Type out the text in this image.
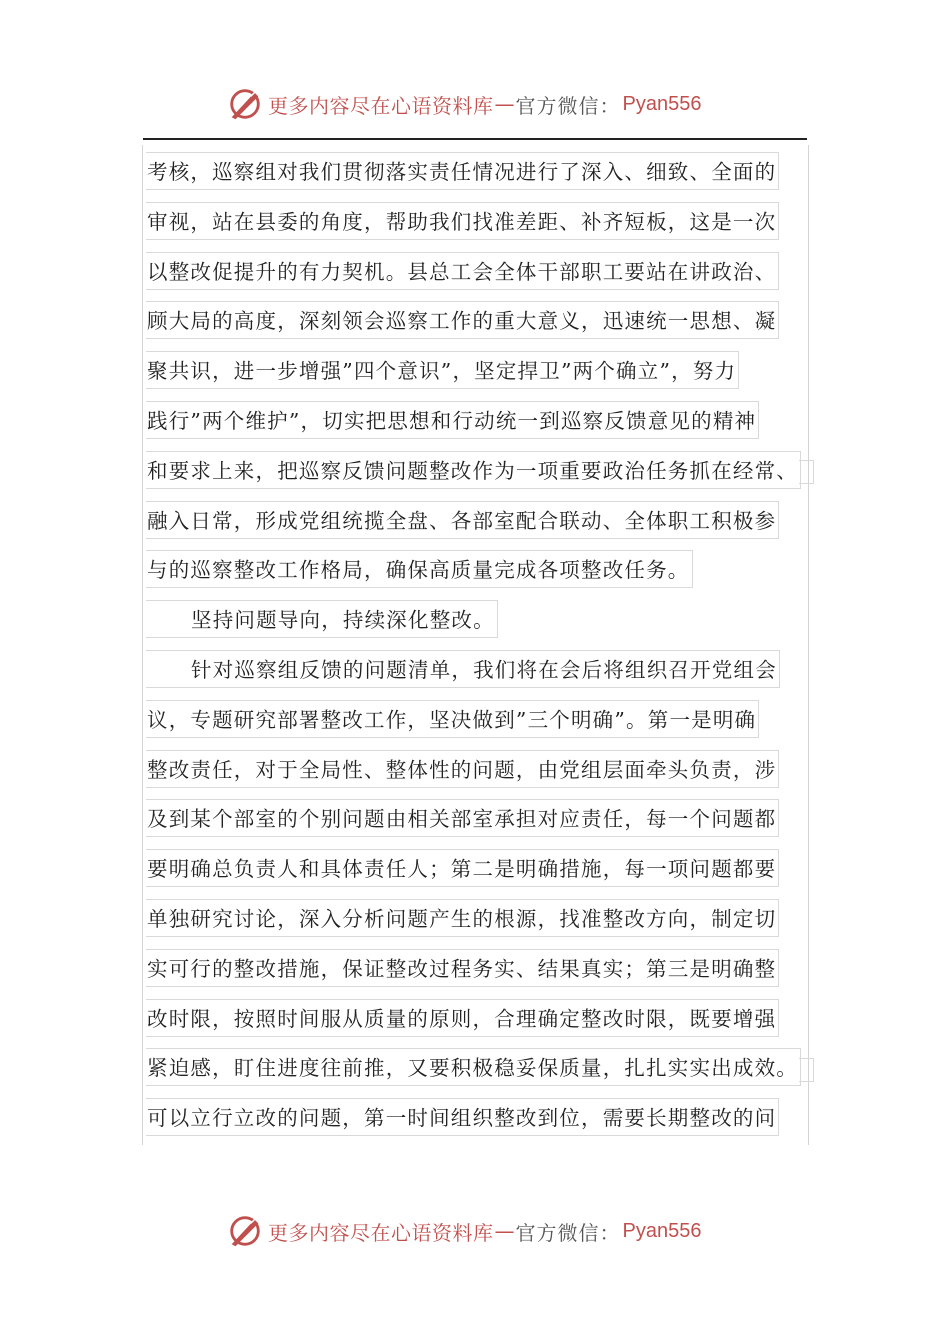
更多内容尽在心语资料库 — 官方微信： Pyan556
考核，巡察组对我们贯彻落实责任情况进行了深入、细致、全面的
审视，站在县委的角度，帮助我们找准差距、补齐短板，这是一次
以整改促提升的有力契机。县总工会全体干部职工要站在讲政治、
顾大局的高度，深刻领会巡察工作的重大意义，迅速统一思想、凝
聚共识，进一步增强”四个意识”，坚定捍卫”两个确立”，努力
践行”两个维护”，切实把思想和行动统一到巡察反馈意见的精神
和要求上来，把巡察反馈问题整改作为一项重要政治任务抓在经常、
融入日常，形成党组统揽全盘、各部室配合联动、全体职工积极参
与的巡察整改工作格局，确保高质量完成各项整改任务。
坚持问题导向，持续深化整改。
针对巡察组反馈的问题清单，我们将在会后将组织召开党组会
议，专题研究部署整改工作，坚决做到”三个明确”。第一是明确
整改责任，对于全局性、整体性的问题，由党组层面牵头负责，涉
及到某个部室的个别问题由相关部室承担对应责任，每一个问题都
要明确总负责人和具体责任人；第二是明确措施，每一项问题都要
单独研究讨论，深入分析问题产生的根源，找准整改方向，制定切
实可行的整改措施，保证整改过程务实、结果真实；第三是明确整
改时限，按照时间服从质量的原则，合理确定整改时限，既要增强
紧迫感，盯住进度往前推，又要积极稳妥保质量，扎扎实实出成效。
可以立行立改的问题，第一时间组织整改到位，需要长期整改的问
更多内容尽在心语资料库 — 官方微信： Pyan556
